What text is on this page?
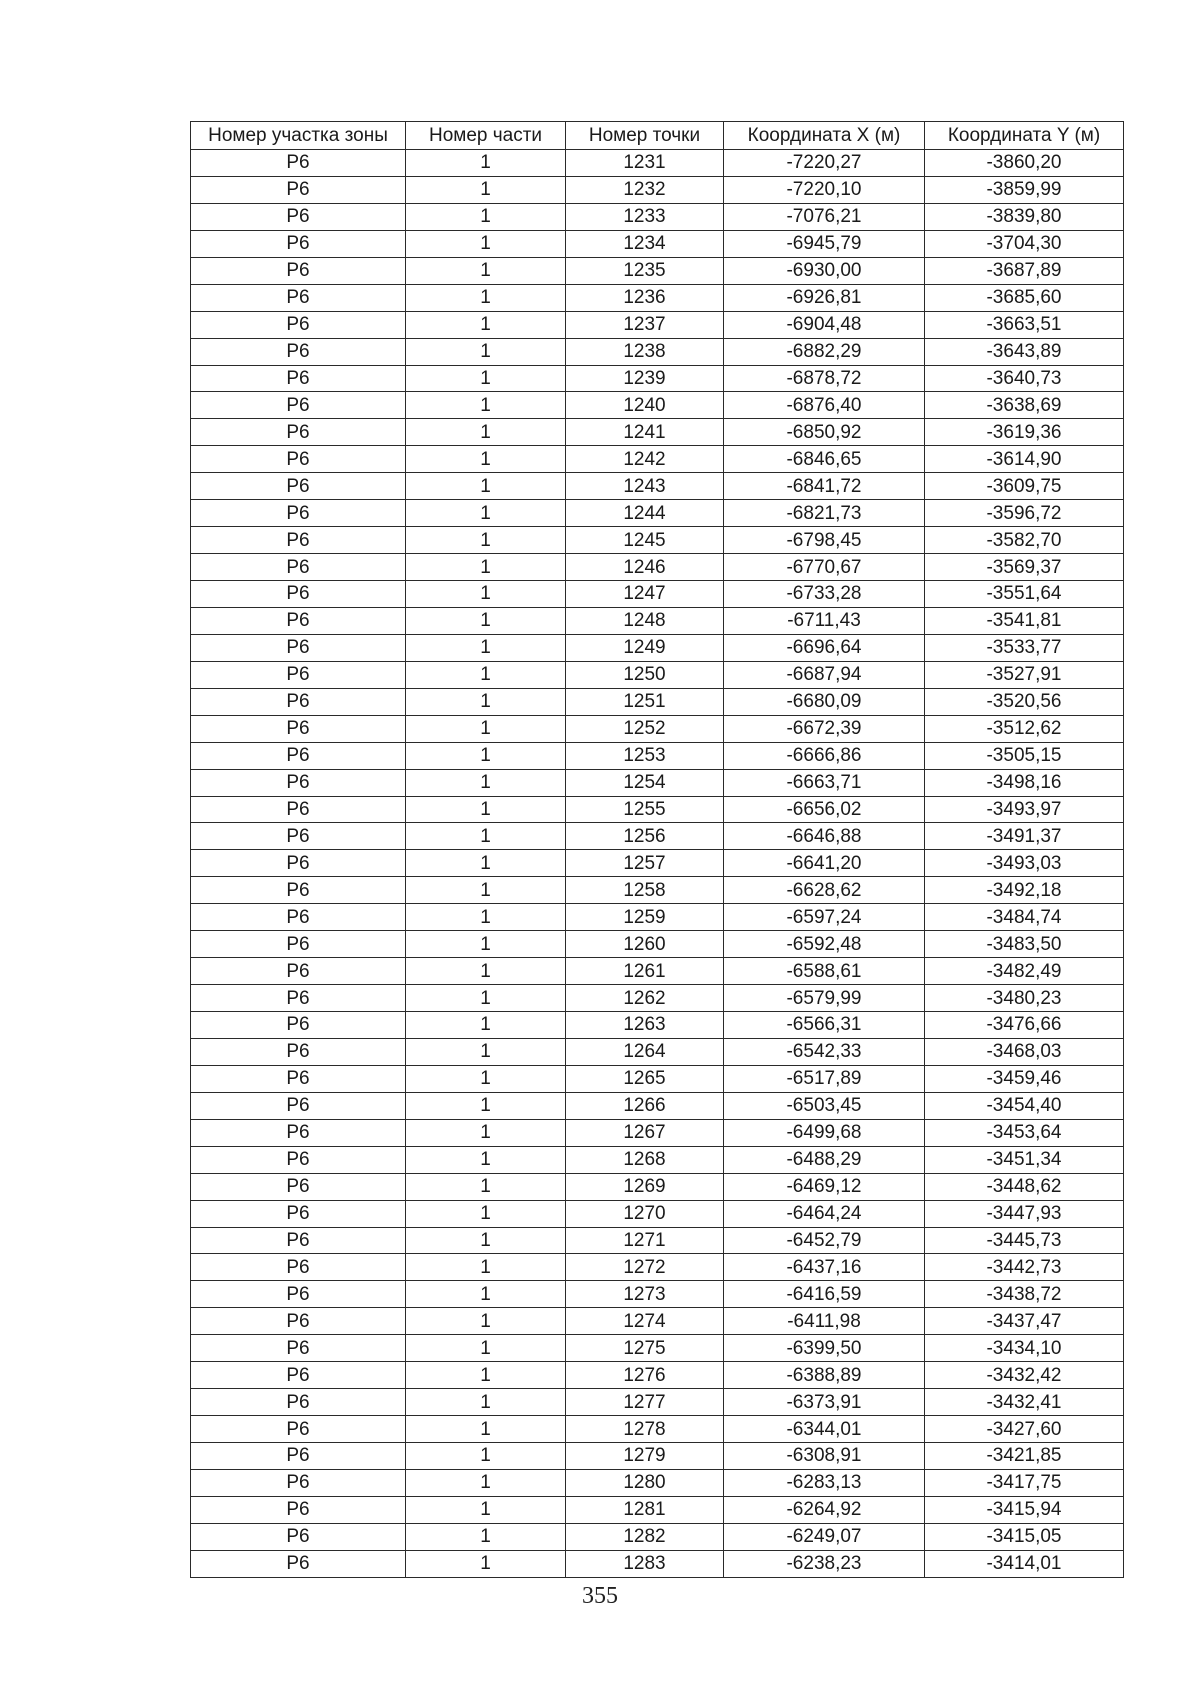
Номер участка зоны	Номер части	Номер точки	Координата X (м)	Координата Y (м)
Р6	1	1231	-7220,27	-3860,20
Р6	1	1232	-7220,10	-3859,99
Р6	1	1233	-7076,21	-3839,80
Р6	1	1234	-6945,79	-3704,30
Р6	1	1235	-6930,00	-3687,89
Р6	1	1236	-6926,81	-3685,60
Р6	1	1237	-6904,48	-3663,51
Р6	1	1238	-6882,29	-3643,89
Р6	1	1239	-6878,72	-3640,73
Р6	1	1240	-6876,40	-3638,69
Р6	1	1241	-6850,92	-3619,36
Р6	1	1242	-6846,65	-3614,90
Р6	1	1243	-6841,72	-3609,75
Р6	1	1244	-6821,73	-3596,72
Р6	1	1245	-6798,45	-3582,70
Р6	1	1246	-6770,67	-3569,37
Р6	1	1247	-6733,28	-3551,64
Р6	1	1248	-6711,43	-3541,81
Р6	1	1249	-6696,64	-3533,77
Р6	1	1250	-6687,94	-3527,91
Р6	1	1251	-6680,09	-3520,56
Р6	1	1252	-6672,39	-3512,62
Р6	1	1253	-6666,86	-3505,15
Р6	1	1254	-6663,71	-3498,16
Р6	1	1255	-6656,02	-3493,97
Р6	1	1256	-6646,88	-3491,37
Р6	1	1257	-6641,20	-3493,03
Р6	1	1258	-6628,62	-3492,18
Р6	1	1259	-6597,24	-3484,74
Р6	1	1260	-6592,48	-3483,50
Р6	1	1261	-6588,61	-3482,49
Р6	1	1262	-6579,99	-3480,23
Р6	1	1263	-6566,31	-3476,66
Р6	1	1264	-6542,33	-3468,03
Р6	1	1265	-6517,89	-3459,46
Р6	1	1266	-6503,45	-3454,40
Р6	1	1267	-6499,68	-3453,64
Р6	1	1268	-6488,29	-3451,34
Р6	1	1269	-6469,12	-3448,62
Р6	1	1270	-6464,24	-3447,93
Р6	1	1271	-6452,79	-3445,73
Р6	1	1272	-6437,16	-3442,73
Р6	1	1273	-6416,59	-3438,72
Р6	1	1274	-6411,98	-3437,47
Р6	1	1275	-6399,50	-3434,10
Р6	1	1276	-6388,89	-3432,42
Р6	1	1277	-6373,91	-3432,41
Р6	1	1278	-6344,01	-3427,60
Р6	1	1279	-6308,91	-3421,85
Р6	1	1280	-6283,13	-3417,75
Р6	1	1281	-6264,92	-3415,94
Р6	1	1282	-6249,07	-3415,05
Р6	1	1283	-6238,23	-3414,01
355
